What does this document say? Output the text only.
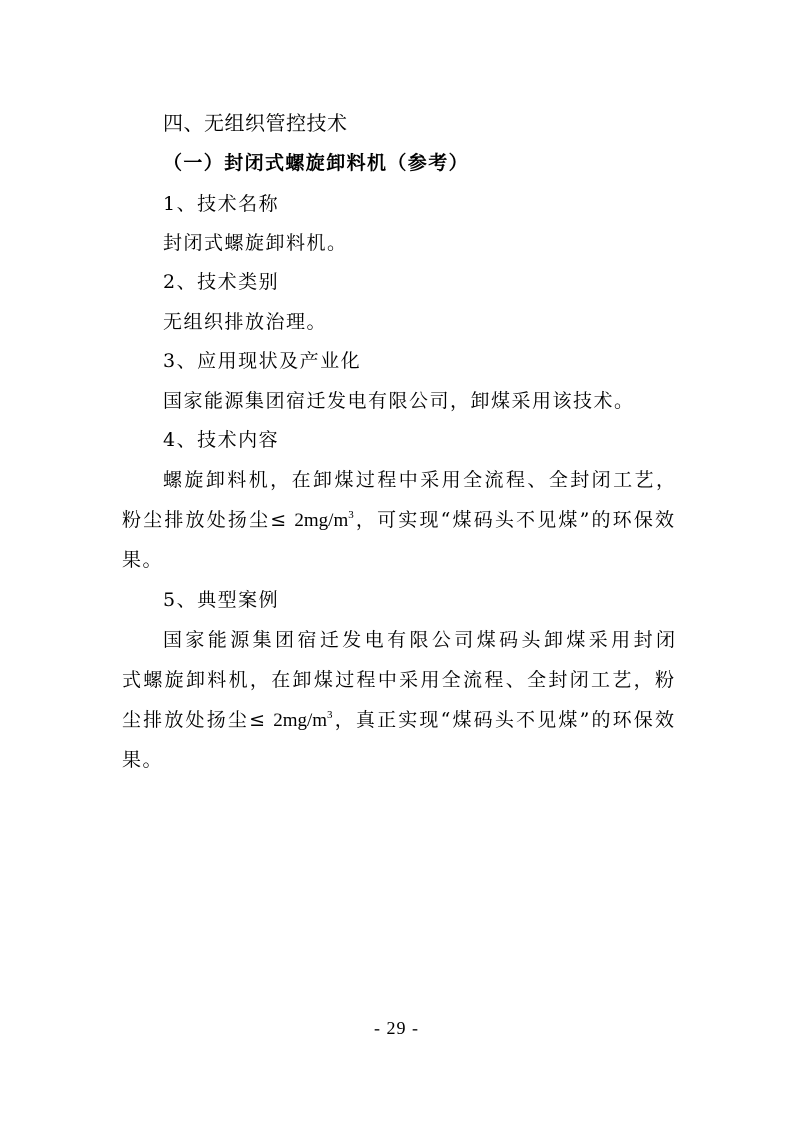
四、无组织管控技术
（一）封闭式螺旋卸料机（参考）
1、技术名称
封闭式螺旋卸料机。
2、技术类别
无组织排放治理。
3、应用现状及产业化
国家能源集团宿迁发电有限公司，卸煤采用该技术。
4、技术内容
螺旋卸料机，在卸煤过程中采用全流程、全封闭工艺，
粉尘排放处扬尘≤ $2mg/m^3$，可实现“煤码头不见煤”的环保效
果。
5、典型案例
国家能源集团宿迁发电有限公司煤码头卸煤采用封闭
式螺旋卸料机，在卸煤过程中采用全流程、全封闭工艺，粉
尘排放处扬尘≤ $2mg/m^3$，真正实现“煤码头不见煤”的环保效
果。
- 29 -
